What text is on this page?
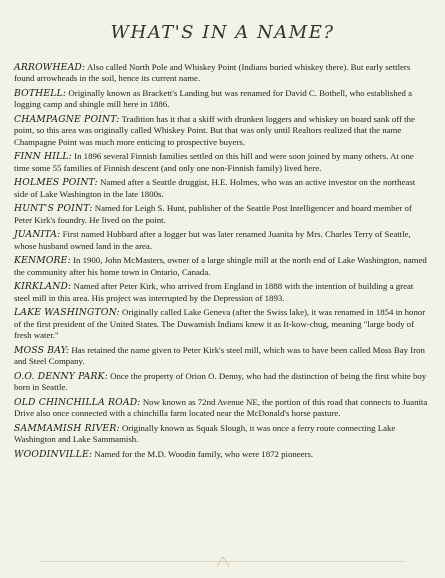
WHAT'S IN A NAME?

ARROWHEAD: Also called North Pole and Whiskey Point (Indians buried whiskey there). But early settlers found arrowheads in the soil, hence its current name.

BOTHELL: Originally known as Brackett's Landing but was renamed for David C. Bothell, who established a logging camp and shingle mill here in 1886.

CHAMPAGNE POINT: Tradition has it that a skiff with drunken loggers and whiskey on board sank off the point, so this area was originally called Whiskey Point. But that was only until Realtors realized that the name Champagne Point was much more enticing to prospective buyers.

FINN HILL: In 1896 several Finnish families settled on this hill and were soon joined by many others. At one time some 55 families of Finnish descent (and only one non-Finnish family) lived here.

HOLMES POINT: Named after a Seattle druggist, H.E. Holmes, who was an active investor on the northeast side of Lake Washington in the late 1800s.

HUNT'S POINT: Named for Leigh S. Hunt, publisher of the Seattle Post Intelligencer and board member of Peter Kirk's foundry. He lived on the point.

JUANITA: First named Hubbard after a logger but was later renamed Juanita by Mrs. Charles Terry of Seattle, whose husband owned land in the area.

KENMORE: In 1900, John McMasters, owner of a large shingle mill at the north end of Lake Washington, named the community after his home town in Ontario, Canada.

KIRKLAND: Named after Peter Kirk, who arrived from England in 1888 with the intention of building a great steel mill in this area. His project was interrupted by the Depression of 1893.

LAKE WASHINGTON: Originally called Lake Geneva (after the Swiss lake), it was renamed in 1854 in honor of the first president of the United States. The Duwamish Indians knew it as It-kow-chug, meaning "large body of fresh water."

MOSS BAY: Has retained the name given to Peter Kirk's steel mill, which was to have been called Moss Bay Iron and Steel Company.

O.O. DENNY PARK: Once the property of Orion O. Denny, who had the distinction of being the first white boy born in Seattle.

OLD CHINCHILLA ROAD: Now known as 72nd Avenue NE, the portion of this road that connects to Juanita Drive also once connected with a chinchilla farm located near the McDonald's horse pasture.

SAMMAMISH RIVER: Originally known as Squak Slough, it was once a ferry route connecting Lake Washington and Lake Sammamish.

WOODINVILLE: Named for the M.D. Woodin family, who were 1872 pioneers.
